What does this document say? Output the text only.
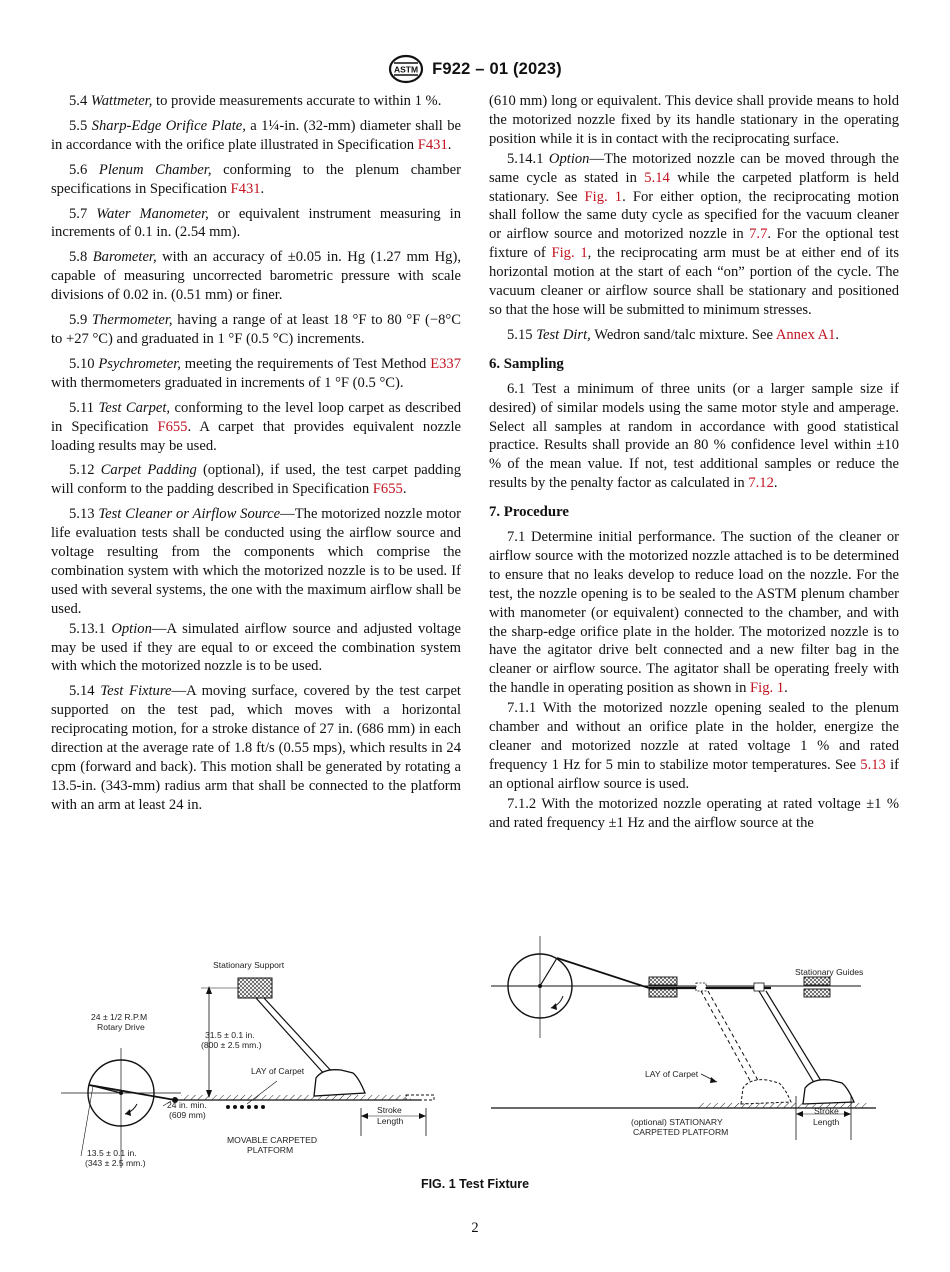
ASTM F922 – 01 (2023)

5.4 Wattmeter, to provide measurements accurate to within 1 %.

5.5 Sharp-Edge Orifice Plate, a 1¼-in. (32-mm) diameter shall be in accordance with the orifice plate illustrated in Specification F431.

5.6 Plenum Chamber, conforming to the plenum chamber specifications in Specification F431.

5.7 Water Manometer, or equivalent instrument measuring in increments of 0.1 in. (2.54 mm).

5.8 Barometer, with an accuracy of ±0.05 in. Hg (1.27 mm Hg), capable of measuring uncorrected barometric pressure with scale divisions of 0.02 in. (0.51 mm) or finer.

5.9 Thermometer, having a range of at least 18 °F to 80 °F (−8°C to +27 °C) and graduated in 1 °F (0.5 °C) increments.

5.10 Psychrometer, meeting the requirements of Test Method E337 with thermometers graduated in increments of 1 °F (0.5 °C).

5.11 Test Carpet, conforming to the level loop carpet as described in Specification F655. A carpet that provides equivalent nozzle loading results may be used.

5.12 Carpet Padding (optional), if used, the test carpet padding will conform to the padding described in Specification F655.

5.13 Test Cleaner or Airflow Source—The motorized nozzle motor life evaluation tests shall be conducted using the airflow source and voltage resulting from the components which comprise the combination system with which the motorized nozzle is to be used. If used with several systems, the one with the maximum airflow shall be used.

5.13.1 Option—A simulated airflow source and adjusted voltage may be used if they are equal to or exceed the combination system with which the motorized nozzle is to be used.

5.14 Test Fixture—A moving surface, covered by the test carpet supported on the test pad, which moves with a horizontal reciprocating motion, for a stroke distance of 27 in. (686 mm) in each direction at the average rate of 1.8 ft/s (0.55 mps), which results in 24 cpm (forward and back). This motion shall be generated by rotating a 13.5-in. (343-mm) radius arm that shall be connected to the platform with an arm at least 24 in.

(610 mm) long or equivalent. This device shall provide means to hold the motorized nozzle fixed by its handle stationary in the operating position while it is in contact with the reciprocating surface.

5.14.1 Option—The motorized nozzle can be moved through the same cycle as stated in 5.14 while the carpeted platform is held stationary. See Fig. 1. For either option, the reciprocating motion shall follow the same duty cycle as specified for the vacuum cleaner or airflow source and motorized nozzle in 7.7. For the optional test fixture of Fig. 1, the reciprocating arm must be at either end of its horizontal motion at the start of each “on” portion of the cycle. The vacuum cleaner or airflow source shall be stationary and positioned so that the hose will be submitted to minimum stresses.

5.15 Test Dirt, Wedron sand/talc mixture. See Annex A1.

6. Sampling

6.1 Test a minimum of three units (or a larger sample size if desired) of similar models using the same motor style and amperage. Select all samples at random in accordance with good statistical practice. Results shall provide an 80 % confidence level within ±10 % of the mean value. If not, test additional samples or reduce the results by the penalty factor as calculated in 7.12.

7. Procedure

7.1 Determine initial performance. The suction of the cleaner or airflow source with the motorized nozzle attached is to be determined to ensure that no leaks develop to reduce load on the nozzle. For the test, the nozzle opening is to be sealed to the ASTM plenum chamber with manometer (or equivalent) connected to the chamber, and with the sharp-edge orifice plate in the holder. The motorized nozzle is to have the agitator drive belt connected and a new filter bag in the cleaner or airflow source. The agitator shall be operating freely with the handle in operating position as shown in Fig. 1.

7.1.1 With the motorized nozzle opening sealed to the plenum chamber and without an orifice plate in the holder, energize the cleaner and motorized nozzle at rated voltage 1 % and rated frequency 1 Hz for 5 min to stabilize motor temperatures. See 5.13 if an optional airflow source is used.

7.1.2 With the motorized nozzle operating at rated voltage ±1 % and rated frequency ±1 Hz and the airflow source at the

Stationary Support
24 ± 1/2 R.P.M
Rotary Drive
31.5 ± 0.1 in.
(800 ± 2.5 mm.)
LAY of Carpet
24 in. min.
(609 mm)	Stroke
Length
MOVABLE CARPETED
PLATFORM
13.5 ± 0.1 in.
(343 ± 2.5 mm.)
Stationary Guides
LAY of Carpet
(optional) STATIONARY
CARPETED PLATFORM
Stroke
Length
FIG. 1 Test Fixture
2
